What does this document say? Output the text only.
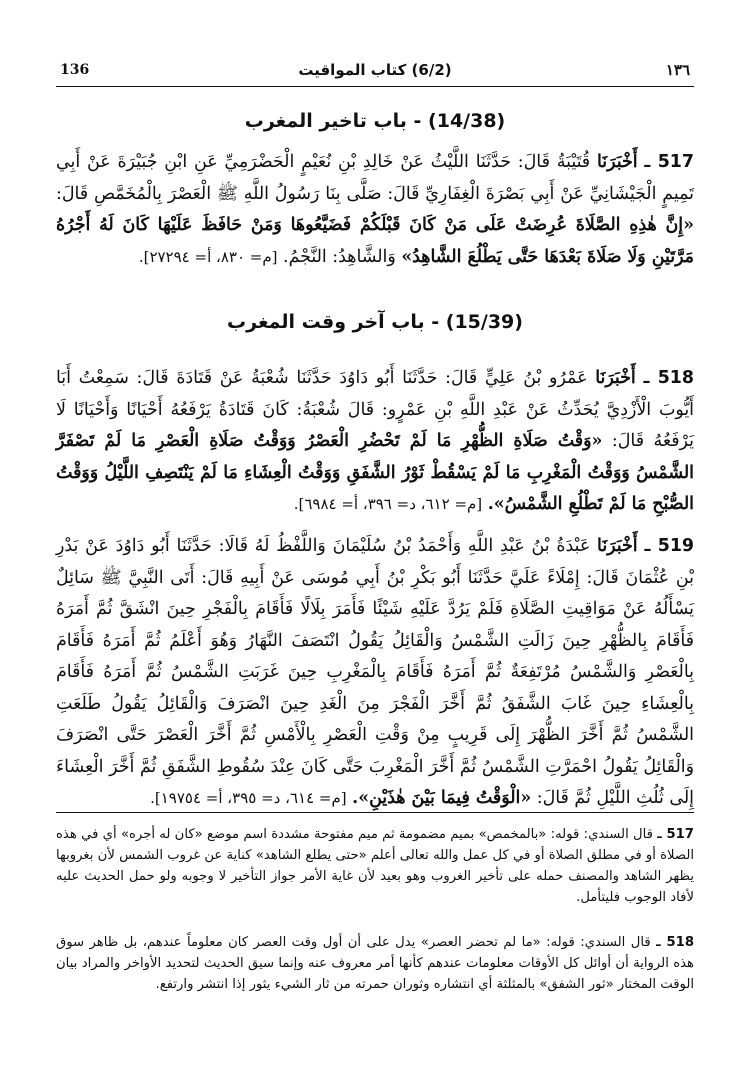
136	(6/2) كتاب المواقيت	١٣٦
(14/38) - باب تاخير المغرب
517 ـ أَخْبَرَنَا قُتَيْبَةُ قَالَ: حَدَّثَنَا اللَّيْثُ عَنْ خَالِدِ بْنِ نُعَيْمٍ الْحَضْرَمِيِّ عَنِ ابْنِ جُبَيْرَةَ عَنْ أَبِي تَمِيمٍ الْجَيْشَانِيِّ عَنْ أَبِي بَصْرَةَ الْغِفَارِيِّ قَالَ: صَلَّى بِنَا رَسُولُ اللَّهِ ﷺ الْعَصْرَ بِالْمُخَمَّصِ قَالَ: «إِنَّ هٰذِهِ الصَّلَاةَ عُرِضَتْ عَلَى مَنْ كَانَ قَبْلَكُمْ فَضَيَّعُوهَا وَمَنْ حَافَظَ عَلَيْهَا كَانَ لَهُ أَجْرُهُ مَرَّتَيْنِ وَلَا صَلَاةَ بَعْدَهَا حَتَّى يَطْلُعَ الشَّاهِدُ» وَالشَّاهِدُ: النَّجْمُ. [م= ٨٣٠، أ= ٢٧٢٩٤].
(15/39) - باب آخر وقت المغرب
518 ـ أَخْبَرَنَا عَمْرُو بْنُ عَلِيٍّ قَالَ: حَدَّثَنَا أَبُو دَاوُدَ حَدَّثَنَا شُعْبَةُ عَنْ قَتَادَةَ قَالَ: سَمِعْتُ أَبَا أَيُّوبَ الْأَزْدِيَّ يُحَدِّثُ عَنْ عَبْدِ اللَّهِ بْنِ عَمْرٍو: قَالَ شُعْبَةُ: كَانَ قَتَادَةُ يَرْفَعُهُ أَحْيَانًا وَأَحْيَانًا لَا يَرْفَعُهُ قَالَ: «وَقْتُ صَلَاةِ الظُّهْرِ مَا لَمْ تَحْضُرِ الْعَصْرُ وَوَقْتُ صَلَاةِ الْعَصْرِ مَا لَمْ تَصْفَرَّ الشَّمْسُ وَوَقْتُ الْمَغْرِبِ مَا لَمْ يَسْقُطْ ثَوْرُ الشَّفَقِ وَوَقْتُ الْعِشَاءِ مَا لَمْ يَنْتَصِفِ اللَّيْلُ وَوَقْتُ الصُّبْحِ مَا لَمْ تَطْلُعِ الشَّمْسُ». [م= ٦١٢، د= ٣٩٦، أ= ٦٩٨٤].
519 ـ أَخْبَرَنَا عَبْدَةُ بْنُ عَبْدِ اللَّهِ وَأَحْمَدُ بْنُ سُلَيْمَانَ وَاللَّفْظُ لَهُ قَالَا: حَدَّثَنَا أَبُو دَاوُدَ عَنْ بَدْرِ بْنِ عُثْمَانَ قَالَ: إِمْلَاءً عَلَيَّ حَدَّثَنَا أَبُو بَكْرِ بْنُ أَبِي مُوسَى عَنْ أَبِيهِ قَالَ: أَتَى النَّبِيَّ ﷺ سَائِلٌ يَسْأَلُهُ عَنْ مَوَاقِيتِ الصَّلَاةِ فَلَمْ يَرُدَّ عَلَيْهِ شَيْئًا فَأَمَرَ بِلَالًا فَأَقَامَ بِالْفَجْرِ حِينَ انْشَقَّ ثُمَّ أَمَرَهُ فَأَقَامَ بِالظُّهْرِ حِينَ زَالَتِ الشَّمْسُ وَالْقَائِلُ يَقُولُ انْتَصَفَ النَّهَارُ وَهُوَ أَعْلَمُ ثُمَّ أَمَرَهُ فَأَقَامَ بِالْعَصْرِ وَالشَّمْسُ مُرْتَفِعَةٌ ثُمَّ أَمَرَهُ فَأَقَامَ بِالْمَغْرِبِ حِينَ غَرَبَتِ الشَّمْسُ ثُمَّ أَمَرَهُ فَأَقَامَ بِالْعِشَاءِ حِينَ غَابَ الشَّفَقُ ثُمَّ أَخَّرَ الْفَجْرَ مِنَ الْغَدِ حِينَ انْصَرَفَ وَالْقَائِلُ يَقُولُ طَلَعَتِ الشَّمْسُ ثُمَّ أَخَّرَ الظُّهْرَ إِلَى قَرِيبٍ مِنْ وَقْتِ الْعَصْرِ بِالْأَمْسِ ثُمَّ أَخَّرَ الْعَصْرَ حَتَّى انْصَرَفَ وَالْقَائِلُ يَقُولُ احْمَرَّتِ الشَّمْسُ ثُمَّ أَخَّرَ الْمَغْرِبَ حَتَّى كَانَ عِنْدَ سُقُوطِ الشَّفَقِ ثُمَّ أَخَّرَ الْعِشَاءَ إِلَى ثُلُثِ اللَّيْلِ ثُمَّ قَالَ: «الْوَقْتُ فِيمَا بَيْنَ هٰذَيْنِ». [م= ٦١٤، د= ٣٩٥، أ= ١٩٧٥٤].
517 ـ قال السندي: قوله: «بالمخمص» بميم مضمومة ثم ميم مفتوحة مشددة اسم موضع «كان له أجره» أي في هذه الصلاة أو في مطلق الصلاة أو في كل عمل والله تعالى أعلم «حتى يطلع الشاهد» كناية عن غروب الشمس لأن بغروبها يظهر الشاهد والمصنف حمله على تأخير الغروب وهو بعيد لأن غاية الأمر جواز التأخير لا وجوبه ولو حمل الحديث عليه لأفاد الوجوب فليتأمل.
518 ـ قال السندي: قوله: «ما لم تحضر العصر» يدل على أن أول وقت العصر كان معلوماً عندهم، بل ظاهر سوق هذه الرواية أن أوائل كل الأوقات معلومات عندهم كأنها أمر معروف عنه وإنما سيق الحديث لتحديد الأواخر والمراد بيان الوقت المختار «ثور الشفق» بالمثلثة أي انتشاره وثوران حمرته من ثار الشيء يثور إذا انتشر وارتفع.
